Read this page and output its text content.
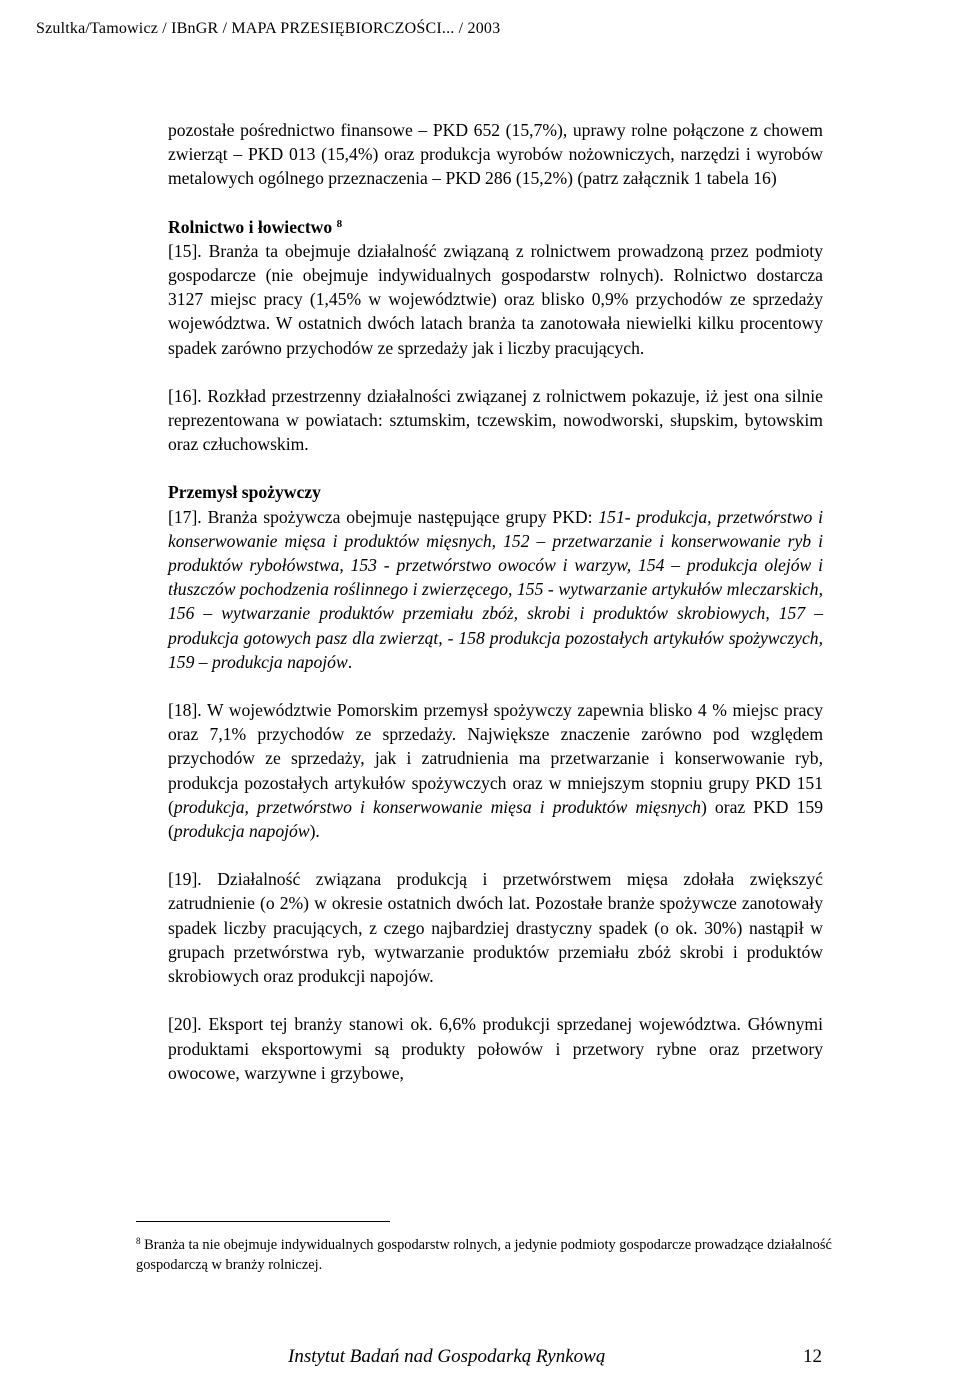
Szultka/Tamowicz / IBnGR / MAPA PRZESIĘBIORCZOŚCI... / 2003

pozostałe pośrednictwo finansowe – PKD 652 (15,7%), uprawy rolne połączone z chowem zwierząt – PKD 013 (15,4%) oraz produkcja wyrobów nożowniczych, narzędzi i wyrobów metalowych ogólnego przeznaczenia – PKD 286 (15,2%) (patrz załącznik 1 tabela 16)

Rolnictwo i łowiectwo $^8$

[15]. Branża ta obejmuje działalność związaną z rolnictwem prowadzoną przez podmioty gospodarcze (nie obejmuje indywidualnych gospodarstw rolnych). Rolnictwo dostarcza 3127 miejsc pracy (1,45% w województwie) oraz blisko 0,9% przychodów ze sprzedaży województwa. W ostatnich dwóch latach branża ta zanotowała niewielki kilku procentowy spadek zarówno przychodów ze sprzedaży jak i liczby pracujących.

[16]. Rozkład przestrzenny działalności związanej z rolnictwem pokazuje, iż jest ona silnie reprezentowana w powiatach: sztumskim, tczewskim, nowodworski, słupskim, bytowskim oraz człuchowskim.

Przemysł spożywczy

[17]. Branża spożywcza obejmuje następujące grupy PKD: 151- produkcja, przetwórstwo i konserwowanie mięsa i produktów mięsnych, 152 – przetwarzanie i konserwowanie ryb i produktów rybołówstwa, 153 - przetwórstwo owoców i warzyw, 154 – produkcja olejów i tłuszczów pochodzenia roślinnego i zwierzęcego, 155 - wytwarzanie artykułów mleczarskich, 156 – wytwarzanie produktów przemiału zbóż, skrobi i produktów skrobiowych, 157 – produkcja gotowych pasz dla zwierząt, - 158 produkcja pozostałych artykułów spożywczych, 159 – produkcja napojów.

[18]. W województwie Pomorskim przemysł spożywczy zapewnia blisko 4 % miejsc pracy oraz 7,1% przychodów ze sprzedaży. Największe znaczenie zarówno pod względem przychodów ze sprzedaży, jak i zatrudnienia ma przetwarzanie i konserwowanie ryb, produkcja pozostałych artykułów spożywczych oraz w mniejszym stopniu grupy PKD 151 (produkcja, przetwórstwo i konserwowanie mięsa i produktów mięsnych) oraz PKD 159 (produkcja napojów).

[19]. Działalność związana produkcją i przetwórstwem mięsa zdołała zwiększyć zatrudnienie (o 2%) w okresie ostatnich dwóch lat. Pozostałe branże spożywcze zanotowały spadek liczby pracujących, z czego najbardziej drastyczny spadek (o ok. 30%) nastąpił w grupach przetwórstwa ryb, wytwarzanie produktów przemiału zbóż skrobi i produktów skrobiowych oraz produkcji napojów.

[20]. Eksport tej branży stanowi ok. 6,6% produkcji sprzedanej województwa. Głównymi produktami eksportowymi są produkty połowów i przetwory rybne oraz przetwory owocowe, warzywne i grzybowe,

$^8$ Branża ta nie obejmuje indywidualnych gospodarstw rolnych, a jedynie podmioty gospodarcze prowadzące działalność gospodarczą w branży rolniczej.
Instytut Badań nad Gospodarką Rynkową	12
